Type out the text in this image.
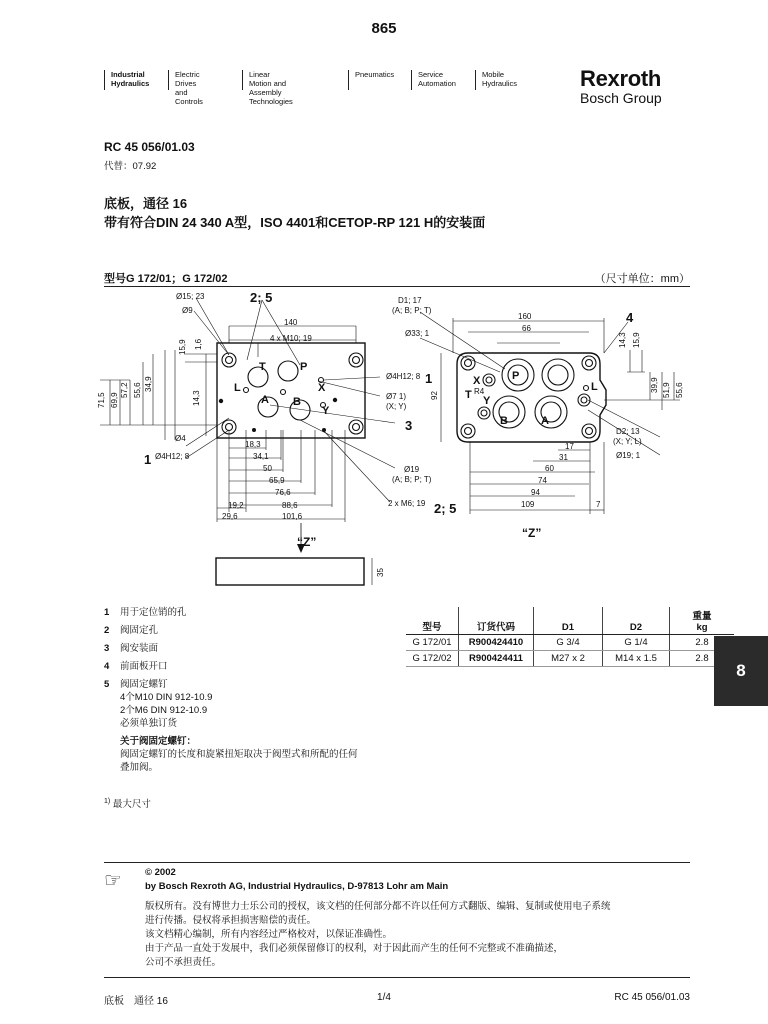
865
Industrial
Hydraulics
Electric Drives
and Controls
Linear Motion and
Assembly Technologies
Pneumatics	Service
Automation
Mobile
Hydraulics	Rexroth
Bosch Group
RC 45 056/01.03
代替：07.92
底板，通径 16
带有符合DIN 24 340 A型，ISO 4401和CETOP-RP 121 H的安装面
型号G 172/01；G 172/02	（尺寸单位：mm）
Ø15; 23
Ø9
2; 5
140
4 x M10; 19
15,9 1,6
71,5 69,9
57,2 55,6 34,9
14,3
Ø4H12; 8 1
Ø7 1)
(X; Y)
3
Ø4
1 Ø4H12; 8
T	P
L	X
A B
Y
18,3
34,1
50
65,9
76,6
88,6
19,2
29,6	101,6
Ø19
(A; B; P; T)
2 x M6; 19 2; 5
“Z”
35
D1; 17
(A; B; P; T)
Ø33; 1
160
66
4
92
14,3 15,9
39,9 51,9 55,6
R4
T
P
X	L
Y
B	A
D2; 13
(X; Y; L)
Ø19; 1
17
31
60
74
94
109	7
“Z”
1 用于定位销的孔
2 阀固定孔
3 阀安装面
4 前面板开口
5 阀固定螺钉
4个M10 DIN 912-10.9
2个M6 DIN 912-10.9
必须单独订货
关于阀固定螺钉：
阀固定螺钉的长度和旋紧扭矩取决于阀型式和所配的任何
叠加阀。
型号	订货代码	D1	D2	重量
kg
G 172/01	R900424410	G 3/4	G 1/4	2.8
G 172/02	R900424411	M27 x 2	M14 x 1.5	2.8
8
$^{1)}$ 最大尺寸
☞ © 2002
by Bosch Rexroth AG, Industrial Hydraulics, D-97813 Lohr am Main
版权所有。没有博世力士乐公司的授权，该文档的任何部分都不许以任何方式翻版、编辑、复制或使用电子系统
进行传播。侵权将承担损害赔偿的责任。
该文档精心编制，所有内容经过严格校对，以保证准确性。
由于产品一直处于发展中，我们必须保留修订的权利，对于因此而产生的任何不完整或不准确描述，
公司不承担责任。
底板　通径 16	1/4	RC 45 056/01.03
